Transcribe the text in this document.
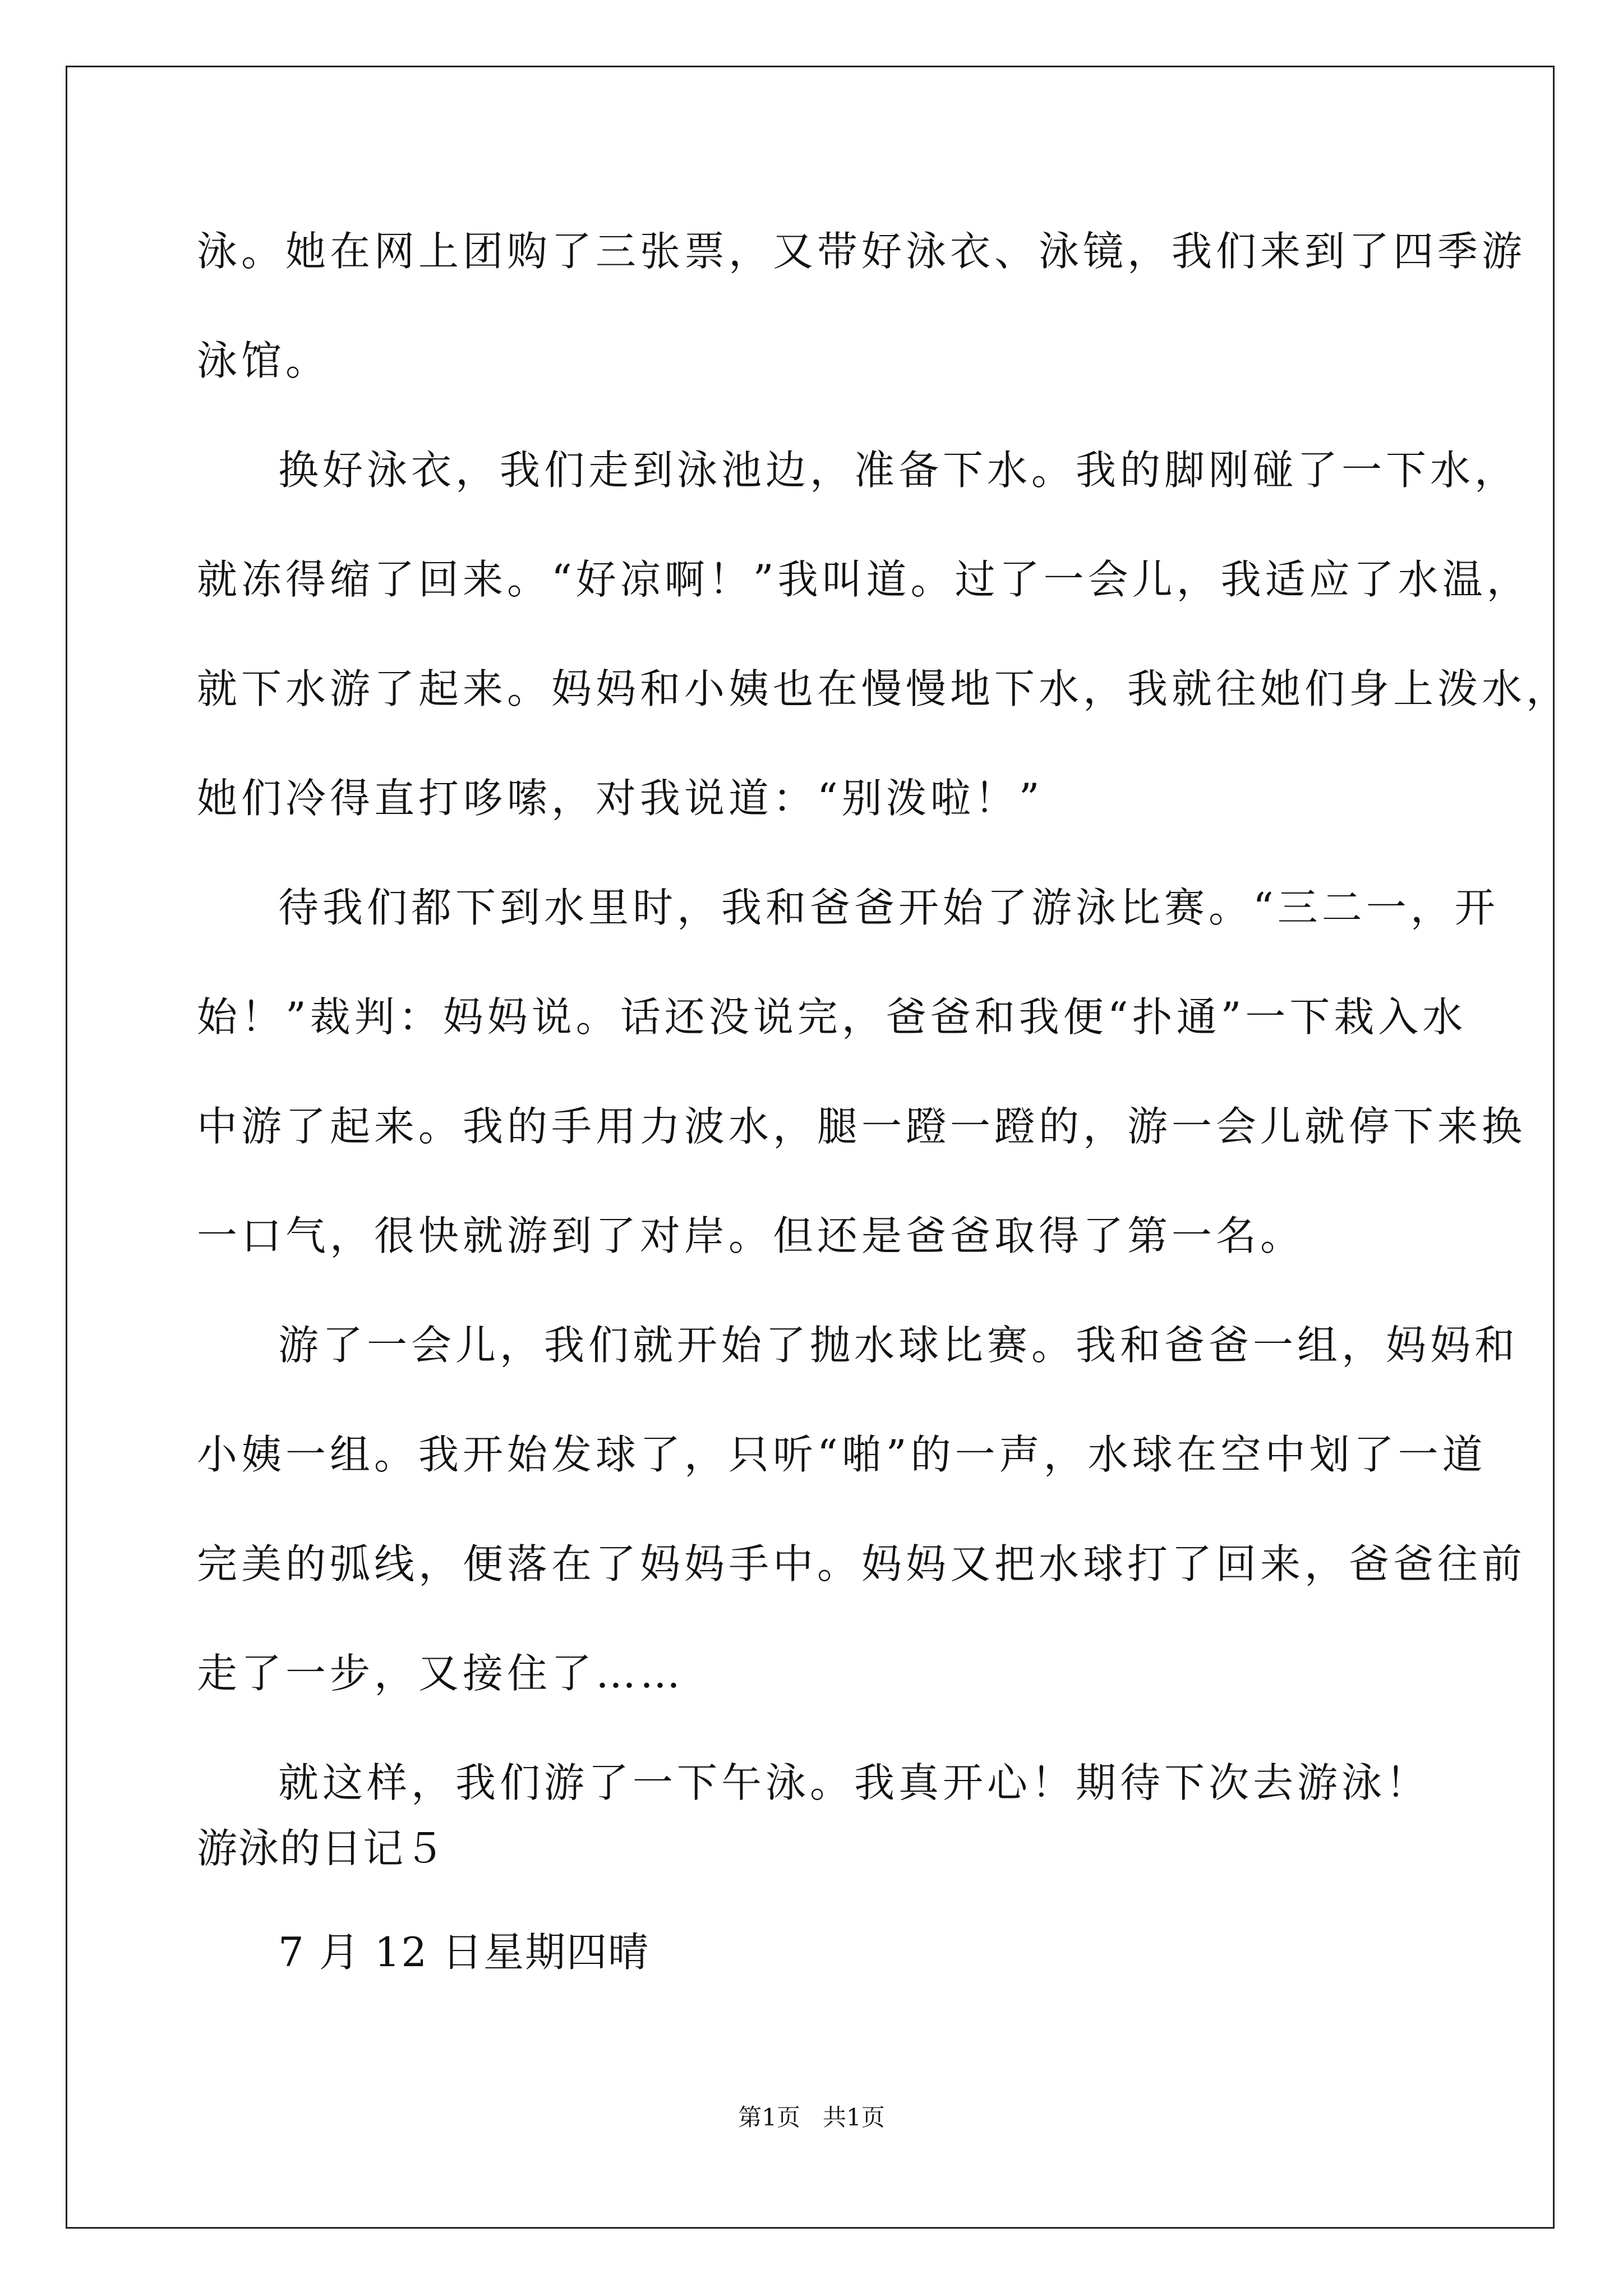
泳。她在网上团购了三张票，又带好泳衣、泳镜，我们来到了四季游
泳馆。
换好泳衣，我们走到泳池边，准备下水。我的脚刚碰了一下水，
就冻得缩了回来。“好凉啊！”我叫道。过了一会儿，我适应了水温，
就下水游了起来。妈妈和小姨也在慢慢地下水，我就往她们身上泼水，
她们冷得直打哆嗦，对我说道：“别泼啦！”
待我们都下到水里时，我和爸爸开始了游泳比赛。“三二一，开
始！”裁判：妈妈说。话还没说完，爸爸和我便“扑通”一下栽入水
中游了起来。我的手用力波水，腿一蹬一蹬的，游一会儿就停下来换
一口气，很快就游到了对岸。但还是爸爸取得了第一名。
游了一会儿，我们就开始了抛水球比赛。我和爸爸一组，妈妈和
小姨一组。我开始发球了，只听“啪”的一声，水球在空中划了一道
完美的弧线，便落在了妈妈手中。妈妈又把水球打了回来，爸爸往前
走了一步，又接住了……
就这样，我们游了一下午泳。我真开心！期待下次去游泳！
游泳的日记５
7 月 12 日星期四晴
第1页   共1页
